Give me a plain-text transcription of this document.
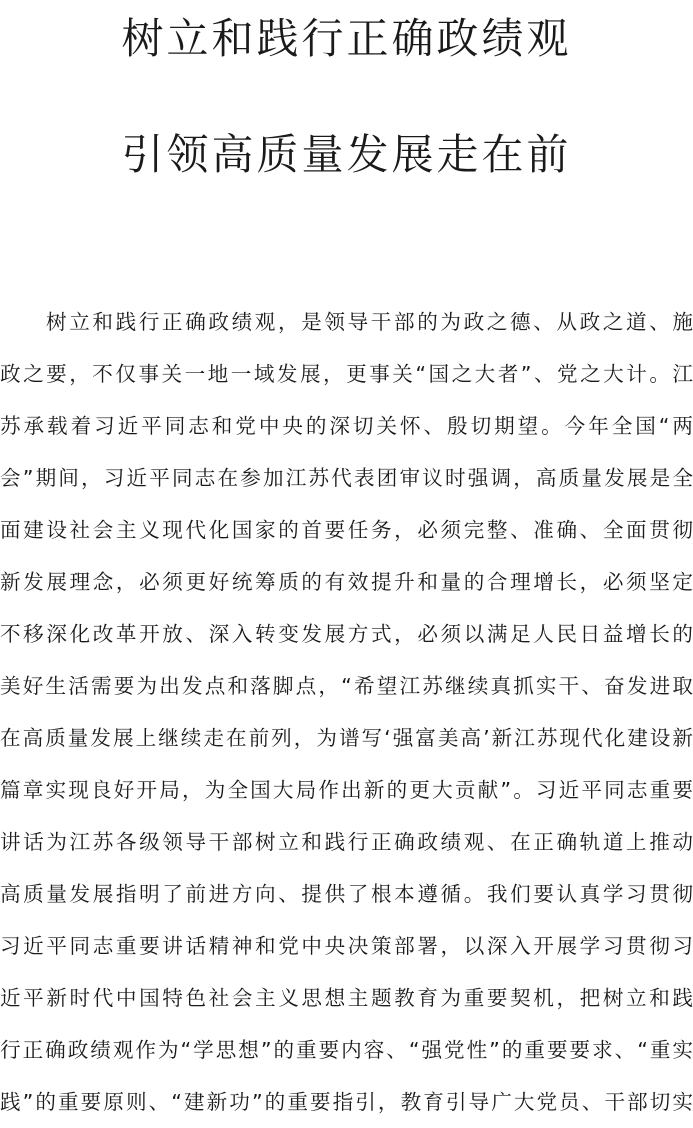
树立和践行正确政绩观
引领高质量发展走在前
树立和践行正确政绩观，是领导干部的为政之德、从政之道、施
政之要，不仅事关一地一域发展，更事关“国之大者”、党之大计。江
苏承载着习近平同志和党中央的深切关怀、殷切期望。今年全国“两
会”期间，习近平同志在参加江苏代表团审议时强调，高质量发展是全
面建设社会主义现代化国家的首要任务，必须完整、准确、全面贯彻
新发展理念，必须更好统筹质的有效提升和量的合理增长，必须坚定
不移深化改革开放、深入转变发展方式，必须以满足人民日益增长的
美好生活需要为出发点和落脚点，“希望江苏继续真抓实干、奋发进取
在高质量发展上继续走在前列，为谱写‘强富美高’新江苏现代化建设新
篇章实现良好开局，为全国大局作出新的更大贡献”。习近平同志重要
讲话为江苏各级领导干部树立和践行正确政绩观、在正确轨道上推动
高质量发展指明了前进方向、提供了根本遵循。我们要认真学习贯彻
习近平同志重要讲话精神和党中央决策部署，以深入开展学习贯彻习
近平新时代中国特色社会主义思想主题教育为重要契机，把树立和践
行正确政绩观作为“学思想”的重要内容、“强党性”的重要要求、“重实
践”的重要原则、“建新功”的重要指引，教育引导广大党员、干部切实
